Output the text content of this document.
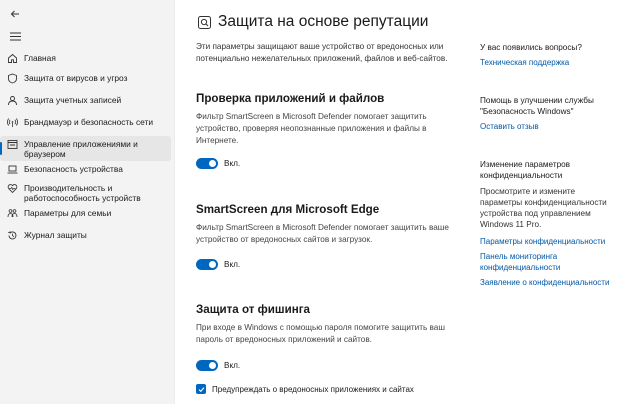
Главная
Защита от вирусов и угроз
Защита учетных записей
Брандмауэр и безопасность сети
Управление приложениями и браузером
Безопасность устройства
Производительность и работоспособность устройств
Параметры для семьи
Журнал защиты
Защита на основе репутации

Эти параметры защищают ваше устройство от вредоносных или потенциально нежелательных приложений, файлов и веб-сайтов.

Проверка приложений и файлов

Фильтр SmartScreen в Microsoft Defender помогает защитить устройство, проверяя неопознанные приложения и файлы в Интернете.

Вкл.
SmartScreen для Microsoft Edge

Фильтр SmartScreen в Microsoft Defender помогает защитить ваше устройство от вредоносных сайтов и загрузок.

Вкл.
Защита от фишинга

При входе в Windows с помощью пароля помогите защитить ваш пароль от вредоносных приложений и сайтов.

Вкл.
Предупреждать о вредоносных приложениях и сайтах
У вас появились вопросы?
Техническая поддержка
Помощь в улучшении службы "Безопасность Windows"
Оставить отзыв
Изменение параметров конфиденциальности
Просмотрите и измените параметры конфиденциальности устройства под управлением Windows 11 Pro.
Параметры конфиденциальности
Панель мониторинга конфиденциальности
Заявление о конфиденциальности
